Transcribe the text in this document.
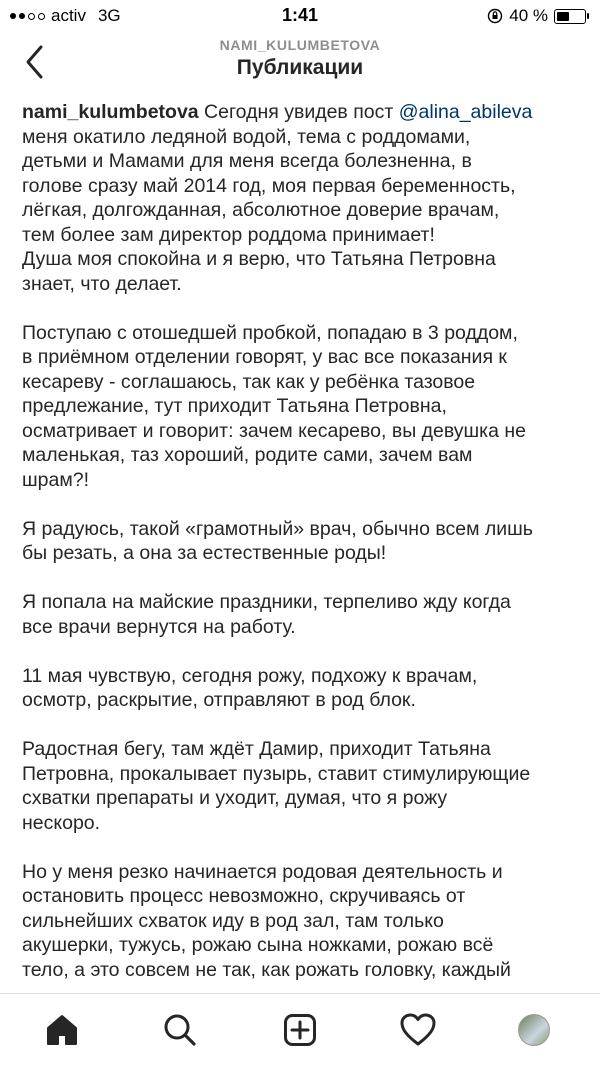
activ 3G	1:41	40 %
NAMI_KULUMBETOVA
Публикации

nami_kulumbetova Сегодня увидев пост @alina_abileva
меня окатило ледяной водой, тема с роддомами,
детьми и Мамами для меня всегда болезненна, в
голове сразу май 2014 год, моя первая беременность,
лёгкая, долгожданная, абсолютное доверие врачам,
тем более зам директор роддома принимает!

Душа моя спокойна и я верю, что Татьяна Петровна
знает, что делает.

Поступаю с отошедшей пробкой, попадаю в 3 роддом,
в приёмном отделении говорят, у вас все показания к
кесареву - соглашаюсь, так как у ребёнка тазовое
предлежание, тут приходит Татьяна Петровна,
осматривает и говорит: зачем кесарево, вы девушка не
маленькая, таз хороший, родите сами, зачем вам
шрам?!

Я радуюсь, такой «грамотный» врач, обычно всем лишь
бы резать, а она за естественные роды!

Я попала на майские праздники, терпеливо жду когда
все врачи вернутся на работу.

11 мая чувствую, сегодня рожу, подхожу к врачам,
осмотр, раскрытие, отправляют в род блок.

Радостная бегу, там ждёт Дамир, приходит Татьяна
Петровна, прокалывает пузырь, ставит стимулирующие
схватки препараты и уходит, думая, что я рожу
нескоро.

Но у меня резко начинается родовая деятельность и
остановить процесс невозможно, скручиваясь от
сильнейших схваток иду в род зал, там только
акушерки, тужусь, рожаю сына ножками, рожаю всё
тело, а это совсем не так, как рожать головку, каждый
